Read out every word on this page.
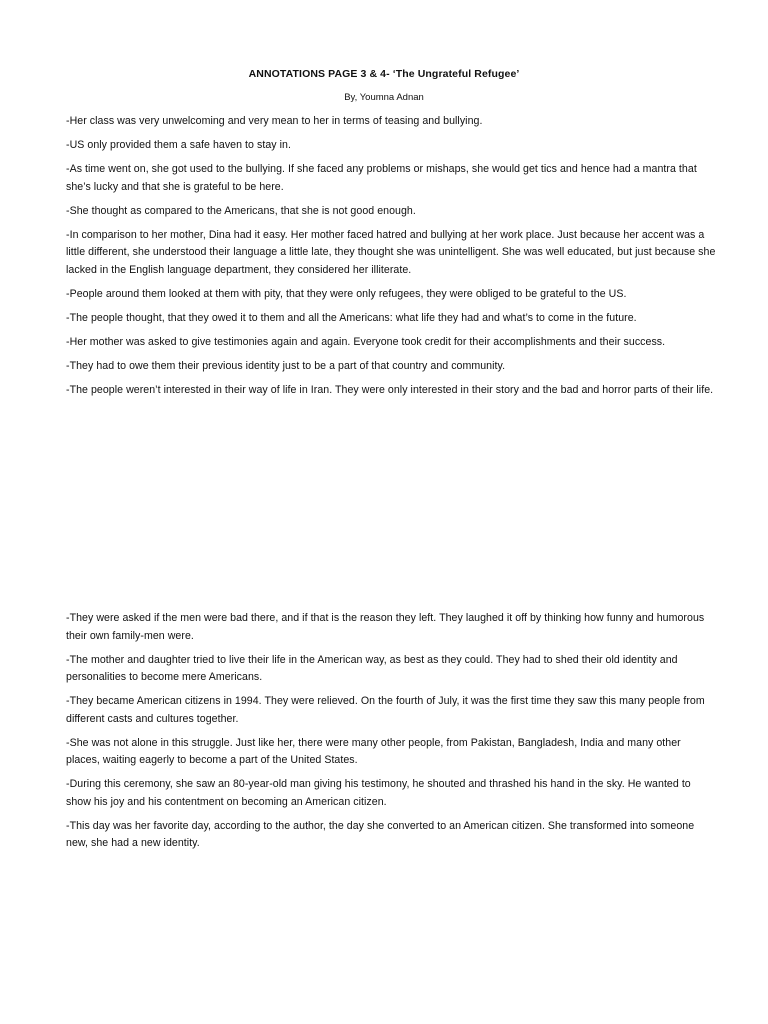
ANNOTATIONS PAGE 3 & 4- ‘The Ungrateful Refugee’
By, Youmna Adnan

-Her class was very unwelcoming and very mean to her in terms of teasing and bullying.

-US only provided them a safe haven to stay in.

-As time went on, she got used to the bullying. If she faced any problems or mishaps, she would get tics and hence had a mantra that she’s lucky and that she is grateful to be here.

-She thought as compared to the Americans, that she is not good enough.

-In comparison to her mother, Dina had it easy. Her mother faced hatred and bullying at her work place. Just because her accent was a little different, she understood their language a little late, they thought she was unintelligent. She was well educated, but just because she lacked in the English language department, they considered her illiterate.

-People around them looked at them with pity, that they were only refugees, they were obliged to be grateful to the US.

-The people thought, that they owed it to them and all the Americans: what life they had and what’s to come in the future.

-Her mother was asked to give testimonies again and again. Everyone took credit for their accomplishments and their success.

-They had to owe them their previous identity just to be a part of that country and community.

-The people weren’t interested in their way of life in Iran. They were only interested in their story and the bad and horror parts of their life.

-They were asked if the men were bad there, and if that is the reason they left. They laughed it off by thinking how funny and humorous their own family-men were.

-The mother and daughter tried to live their life in the American way, as best as they could. They had to shed their old identity and personalities to become mere Americans.

-They became American citizens in 1994. They were relieved. On the fourth of July, it was the first time they saw this many people from different casts and cultures together.

-She was not alone in this struggle. Just like her, there were many other people, from Pakistan, Bangladesh, India and many other places, waiting eagerly to become a part of the United States.

-During this ceremony, she saw an 80-year-old man giving his testimony, he shouted and thrashed his hand in the sky. He wanted to show his joy and his contentment on becoming an American citizen.

-This day was her favorite day, according to the author, the day she converted to an American citizen. She transformed into someone new, she had a new identity.
